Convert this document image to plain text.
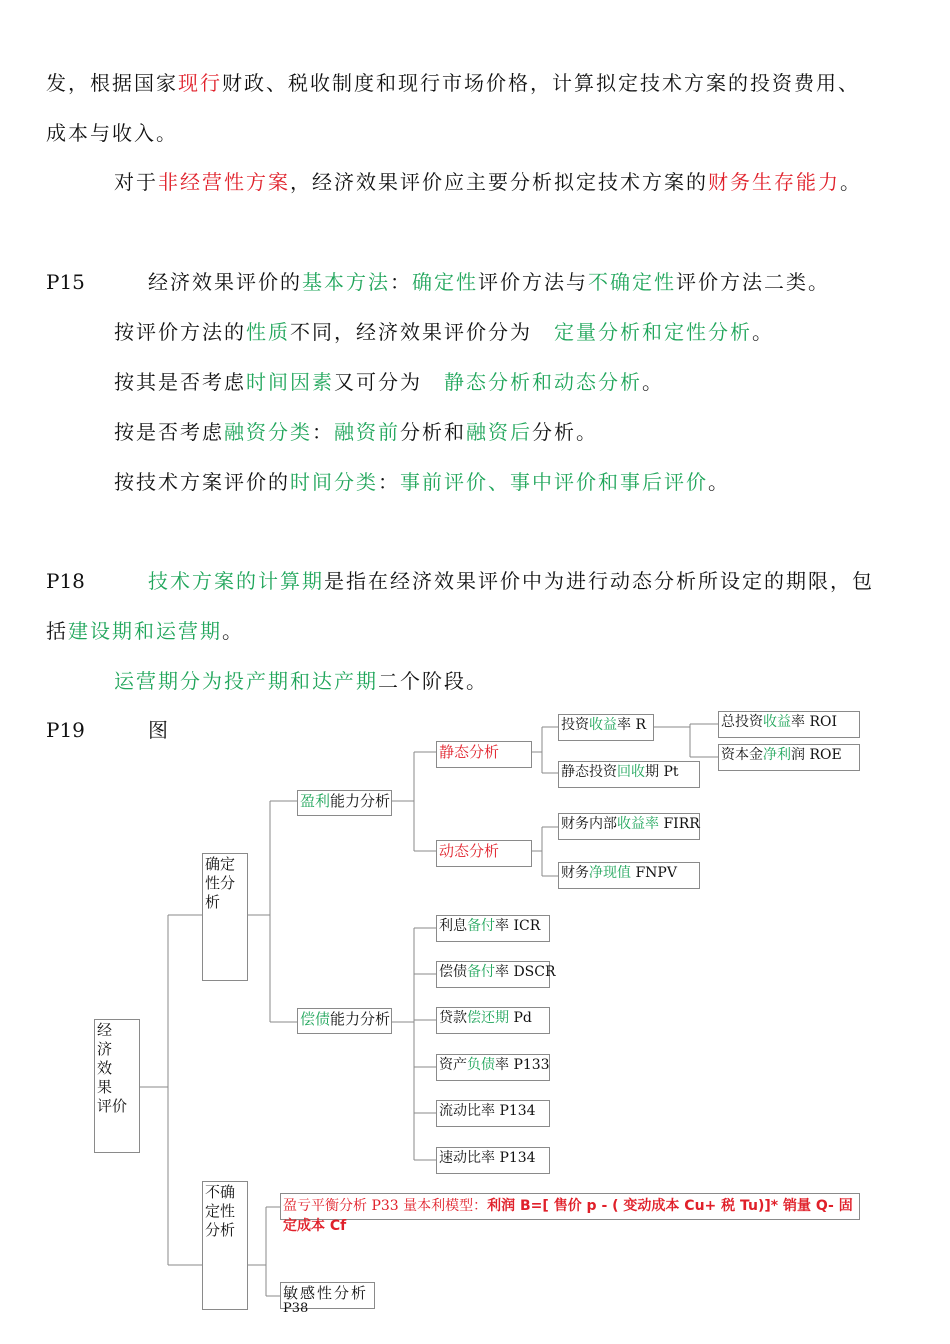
发，根据国家现行财政、税收制度和现行市场价格，计算拟定技术方案的投资费用、
成本与收入。
对于非经营性方案，经济效果评价应主要分析拟定技术方案的财务生存能力。
P15	经济效果评价的基本方法：确定性评价方法与不确定性评价方法二类。
按评价方法的性质不同，经济效果评价分为 定量分析和定性分析。
按其是否考虑时间因素又可分为 静态分析和动态分析。
按是否考虑融资分类：融资前分析和融资后分析。
按技术方案评价的时间分类：事前评价、事中评价和事后评价。
P18	技术方案的计算期是指在经济效果评价中为进行动态分析所设定的期限，包
括建设期和运营期。
运营期分为投产期和达产期二个阶段。
P19	图
经　济
效　果
评价
确定
性分
析
不确
定性
分析
盈利能力分析
偿债能力分析
静态分析
动态分析
投资收益率 R
静态投资回收期 Pt
总投资收益率 ROI
资本金净利润 ROE
财务内部收益率 FIRR
财务净现值 FNPV
利息备付率 ICR
偿债备付率 DSCR
贷款偿还期 Pd
资产负债率 P133
流动比率 P134
速动比率 P134
盈亏平衡分析 P33 量本利模型：利润 B=[ 售价 p - ( 变动成本 Cu+ 税 Tu)]* 销量 Q- 固定成本 Cf
敏感性分析
P38
